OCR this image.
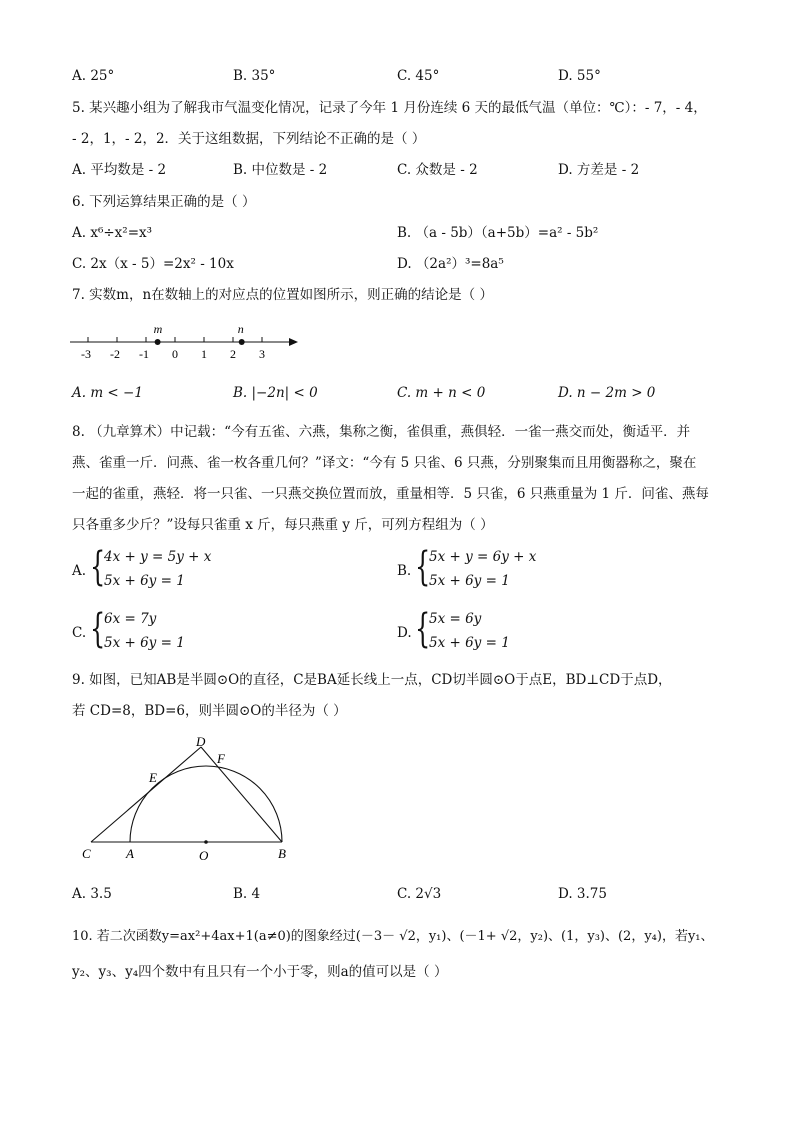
A. 25°	B. 35°	C. 45°	D. 55°
5. 某兴趣小组为了解我市气温变化情况，记录了今年 1 月份连续 6 天的最低气温（单位：℃）：- 7，- 4，
- 2，1，- 2，2．关于这组数据，下列结论不正确的是（ ）
A. 平均数是 - 2	B. 中位数是 - 2	C. 众数是 - 2	D. 方差是 - 2
6. 下列运算结果正确的是（ ）
A. x⁶÷x²=x³	B. （a - 5b）（a+5b）=a² - 5b²
C. 2x（x - 5）=2x² - 10x	D. （2a²）³=8a⁵
7. 实数m，n在数轴上的对应点的位置如图所示，则正确的结论是（ ）
-3 -2 -1 0 1 2 3
m	n
A. m < −1	B. |−2n| < 0	C. m + n < 0	D. n − 2m > 0
8. （九章算术）中记载：“今有五雀、六燕，集称之衡，雀俱重，燕俱轻．一雀一燕交而处，衡适平．并
燕、雀重一斤．问燕、雀一枚各重几何？”译文：“今有 5 只雀、6 只燕，分别聚集而且用衡器称之，聚在
一起的雀重，燕轻．将一只雀、一只燕交换位置而放，重量相等．5 只雀，6 只燕重量为 1 斤．问雀、燕每
只各重多少斤？”设每只雀重 x 斤，每只燕重 y 斤，可列方程组为（ ）
A. {
4x + y = 5y + x
5x + 6y = 1
B. {
5x + y = 6y + x
5x + 6y = 1
C. {
6x = 7y
5x + 6y = 1
D. {
5x = 6y
5x + 6y = 1
9. 如图，已知AB是半圆⊙O的直径，C是BA延长线上一点，CD切半圆⊙O于点E，BD⊥CD于点D，
若 CD=8，BD=6，则半圆⊙O的半径为（ ）
D
F
E
C	A	O	B
A. 3.5	B. 4	C. 2√3	D. 3.75
10. 若二次函数y=ax²+4ax+1(a≠0)的图象经过(－3－ √2，y₁)、(－1+ √2，y₂)、(1，y₃)、(2，y₄)，若y₁、
y₂、y₃、y₄四个数中有且只有一个小于零，则a的值可以是（ ）
